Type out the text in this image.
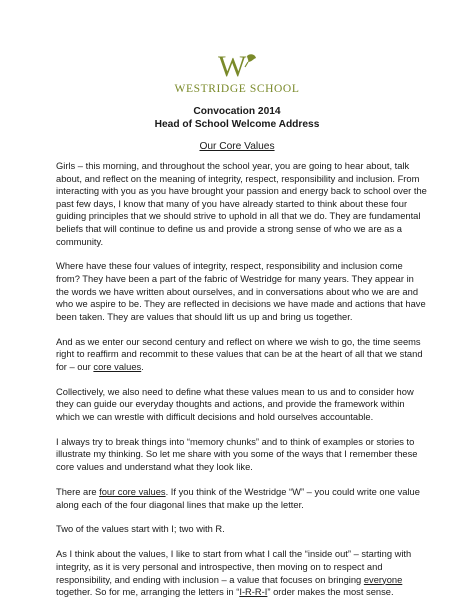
W
WESTRIDGE SCHOOL
Convocation 2014
Head of School Welcome Address
Our Core Values

Girls – this morning, and throughout the school year, you are going to hear about, talk about, and reflect on the meaning of integrity, respect, responsibility and inclusion. From interacting with you as you have brought your passion and energy back to school over the past few days, I know that many of you have already started to think about these four guiding principles that we should strive to uphold in all that we do. They are fundamental beliefs that will continue to define us and provide a strong sense of who we are as a community.

Where have these four values of integrity, respect, responsibility and inclusion come from? They have been a part of the fabric of Westridge for many years. They appear in the words we have written about ourselves, and in conversations about who we are and who we aspire to be. They are reflected in decisions we have made and actions that have been taken. They are values that should lift us up and bring us together.

And as we enter our second century and reflect on where we wish to go, the time seems right to reaffirm and recommit to these values that can be at the heart of all that we stand for – our core values.

Collectively, we also need to define what these values mean to us and to consider how they can guide our everyday thoughts and actions, and provide the framework within which we can wrestle with difficult decisions and hold ourselves accountable.

I always try to break things into “memory chunks” and to think of examples or stories to illustrate my thinking. So let me share with you some of the ways that I remember these core values and understand what they look like.

There are four core values. If you think of the Westridge “W” – you could write one value along each of the four diagonal lines that make up the letter.

Two of the values start with I; two with R.

As I think about the values, I like to start from what I call the “inside out” – starting with integrity, as it is very personal and introspective, then moving on to respect and responsibility, and ending with inclusion – a value that focuses on bringing everyone together. So for me, arranging the letters in “I-R-R-I” order makes the most sense.
